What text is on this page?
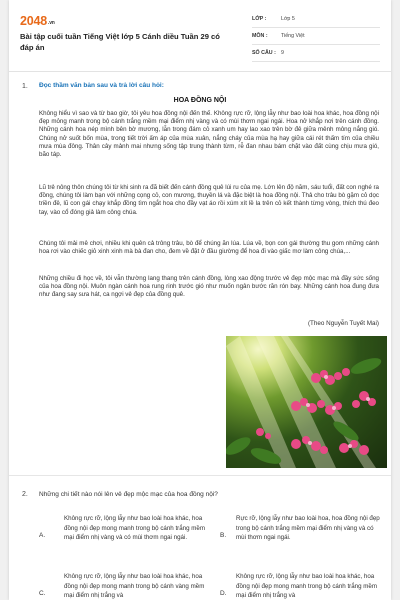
2048.vn
Bài tập cuối tuần Tiếng Việt lớp 5 Cánh diều Tuần 29 có đáp án
LỚP :	Lớp 5
MÔN :	Tiếng Việt
SỐ CÂU : 9
1. Đọc thầm văn bản sau và trả lời câu hỏi:
HOA ĐỒNG NỘI

Không hiểu vì sao và từ bao giờ, tôi yêu hoa đồng nội đến thế. Không rực rỡ, lộng lẫy như bao loài hoa khác, hoa đồng nội đẹp mỏng manh trong bộ cánh trắng mềm mại điểm nhị vàng và có mùi thơm ngai ngái. Hoa nở khắp nơi trên cánh đồng. Những cánh hoa nép mình bên bờ mương, lẫn trong đám cỏ xanh um hay lao xao trên bờ đê giữa mênh mông nắng gió. Chúng nở suốt bốn mùa, trong tiết trời ấm áp của mùa xuân, nắng cháy của mùa hạ hay giữa cái rét thấm tím của chiều mưa mùa đông. Thân cây mảnh mai nhưng sống tập trung thành từm, rễ đan nhau bám chặt vào đất cùng chịu mưa gió, bão táp.

Lũ trẻ nông thôn chúng tôi từ khi sinh ra đã biết đến cánh đồng quê lúi ru của mẹ. Lớn lên độ năm, sáu tuổi, đất con nghé ra đồng, chúng tôi làm bạn với những cọng cỏ, con mương, thuyền lá và đặc biệt là hoa đồng nội. Thả cho trâu bò gặm cỏ dọc triền đê, lũ con gái chạy khắp đồng tìm ngắt hoa cho đầy vạt áo rồi xúm xít lề la trên cỏ kết thành từng vòng, thích thú đeo tay, vào cổ đóng giả làm công chúa.

Chúng tôi mải mê chơi, nhiều khi quên cả trông trâu, bò để chúng ăn lúa. Lúa về, bọn con gái thường thu gom những cánh hoa rơi vào chiếc giỏ xinh xinh mà bà đan cho, đem về đặt ở đầu giường để hoa đi vào giấc mơ làm công chúa,...

Những chiều đi học về, tôi vẫn thường lang thang trên cánh đồng, lòng xao động trước vẻ đẹp mộc mạc mà đầy sức sống của hoa đồng nội. Muôn ngàn cánh hoa rung rinh trước gió như muốn ngân bước răn rón bay. Những cánh hoa đung đưa như đang say sưa hát, ca ngợi vẻ đẹp của đồng quê.

(Theo Nguyễn Tuyết Mai)
2. Những chi tiết nào nói lên vẻ đẹp mộc mạc của hoa đồng nội?
A.
Không rực rỡ, lộng lẫy như bao loài hoa khác, hoa đồng nội đẹp mong manh trong bộ cánh trắng mềm mại điểm nhị vàng và có mùi thơm ngai ngái.	B.
Rực rỡ, lộng lẫy như bao loài hoa, hoa đồng nội đẹp trong bộ cánh trắng mềm mại điểm nhị vàng và có mùi thơm ngai ngái.
C.
Không rực rỡ, lộng lẫy như bao loài hoa khác, hoa đồng nội đẹp mong manh trong bộ cánh vàng mềm mại điểm nhị trắng và	D.
Không rực rỡ, lộng lẫy như bao loài hoa khác, hoa đồng nội đẹp mong manh trong bộ cánh trắng mềm mại điểm nhị trắng và
